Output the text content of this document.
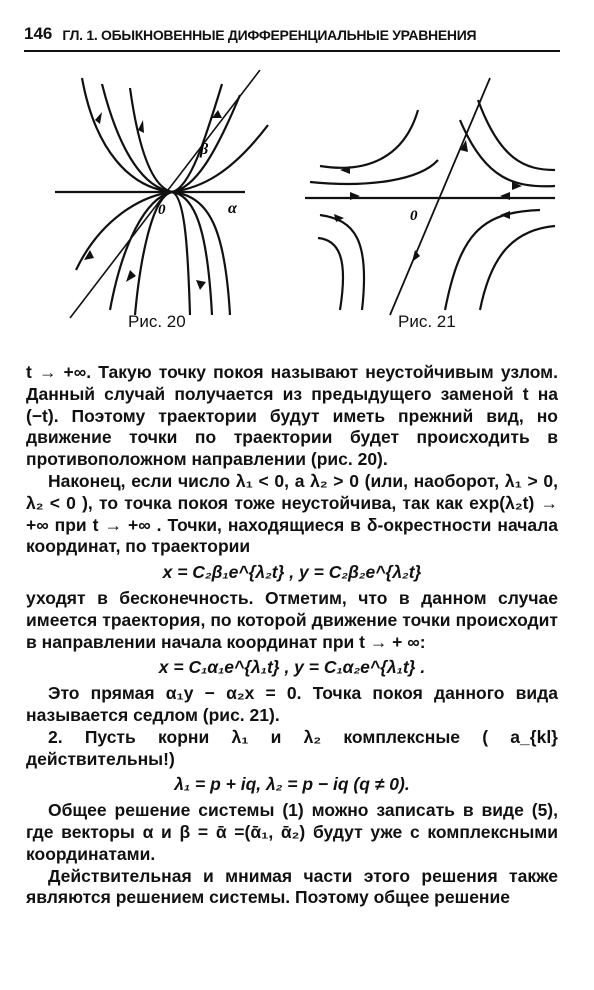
146 ГЛ. 1. ОБЫКНОВЕННЫЕ ДИФФЕРЕНЦИАЛЬНЫЕ УРАВНЕНИЯ
β
0	α	0
Рис. 20	Рис. 21

t → +∞. Такую точку покоя называют неустойчивым узлом. Данный случай получается из предыдущего заменой t на (−t). Поэтому траектории будут иметь прежний вид, но движение точки по траектории будет происходить в противоположном направлении (рис. 20).

Наконец, если число λ₁ < 0, а λ₂ > 0 (или, наоборот, λ₁ > 0, λ₂ < 0 ), то точка покоя тоже неустойчива, так как exp(λ₂t) → +∞ при t → +∞ . Точки, находящиеся в δ-окрестности начала координат, по траектории

x = C₂β₁e^{λ₂t} , y = C₂β₂e^{λ₂t}

уходят в бесконечность. Отметим, что в данном случае имеется траектория, по которой движение точки происходит в направлении начала координат при t → + ∞:

x = C₁α₁e^{λ₁t} , y = C₁α₂e^{λ₁t} .

Это прямая α₁y − α₂x = 0. Точка покоя данного вида называется седлом (рис. 21).

2. Пусть корни λ₁ и λ₂ комплексные ( a_{kl} действительны!)

λ₁ = p + iq, λ₂ = p − iq (q ≠ 0).

Общее решение системы (1) можно записать в виде (5), где векторы α и β = ᾱ =(ᾱ₁, ᾱ₂) будут уже с комплексными координатами.

Действительная и мнимая части этого решения также являются решением системы. Поэтому общее решение
